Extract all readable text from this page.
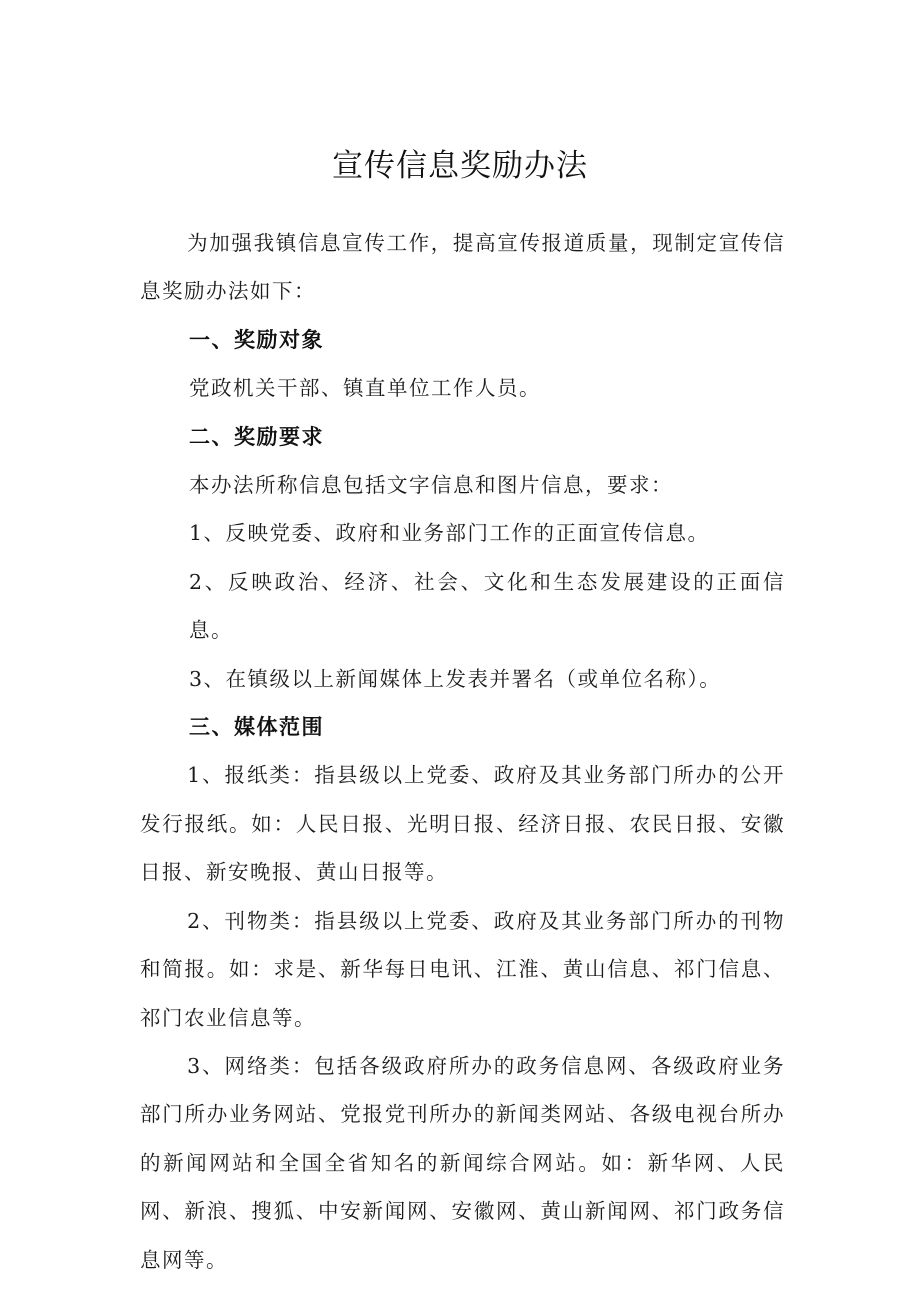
宣传信息奖励办法

为加强我镇信息宣传工作，提高宣传报道质量，现制定宣传信息奖励办法如下：

一、奖励对象

党政机关干部、镇直单位工作人员。

二、奖励要求

本办法所称信息包括文字信息和图片信息，要求：

1、反映党委、政府和业务部门工作的正面宣传信息。

2、反映政治、经济、社会、文化和生态发展建设的正面信息。

3、在镇级以上新闻媒体上发表并署名（或单位名称）。

三、媒体范围

1、报纸类：指县级以上党委、政府及其业务部门所办的公开发行报纸。如：人民日报、光明日报、经济日报、农民日报、安徽日报、新安晚报、黄山日报等。

2、刊物类：指县级以上党委、政府及其业务部门所办的刊物和简报。如：求是、新华每日电讯、江淮、黄山信息、祁门信息、祁门农业信息等。

3、网络类：包括各级政府所办的政务信息网、各级政府业务部门所办业务网站、党报党刊所办的新闻类网站、各级电视台所办的新闻网站和全国全省知名的新闻综合网站。如：新华网、人民网、新浪、搜狐、中安新闻网、安徽网、黄山新闻网、祁门政务信息网等。
